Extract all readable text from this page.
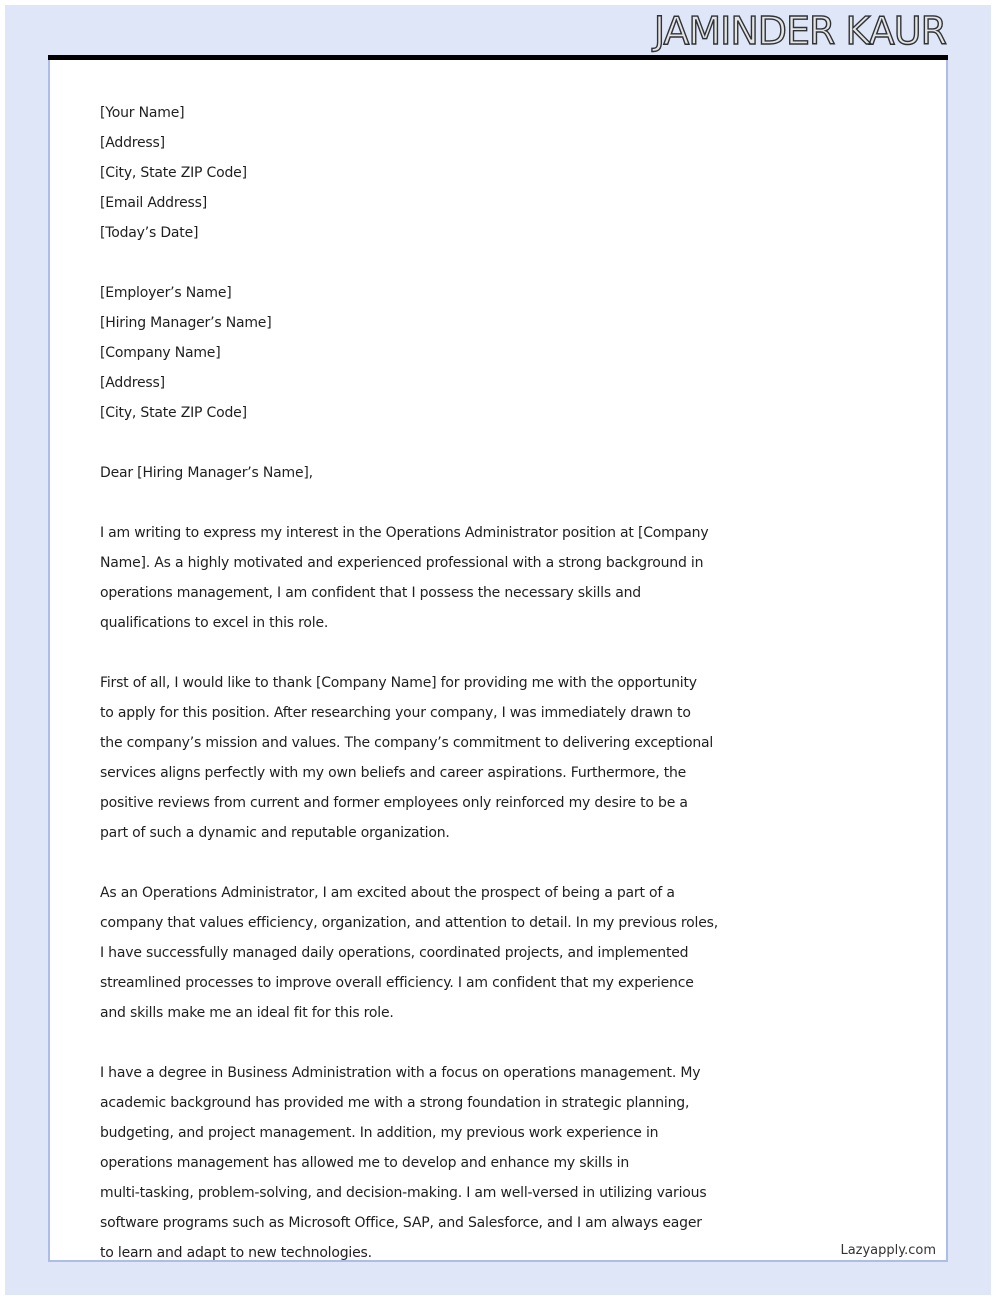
JAMINDER KAUR
[Your Name]
[Address]
[City, State ZIP Code]
[Email Address]
[Today’s Date]
[Employer’s Name]
[Hiring Manager’s Name]
[Company Name]
[Address]
[City, State ZIP Code]

Dear [Hiring Manager’s Name],

I am writing to express my interest in the Operations Administrator position at [Company
Name]. As a highly motivated and experienced professional with a strong background in
operations management, I am confident that I possess the necessary skills and
qualifications to excel in this role.

First of all, I would like to thank [Company Name] for providing me with the opportunity
to apply for this position. After researching your company, I was immediately drawn to
the company’s mission and values. The company’s commitment to delivering exceptional
services aligns perfectly with my own beliefs and career aspirations. Furthermore, the
positive reviews from current and former employees only reinforced my desire to be a
part of such a dynamic and reputable organization.

As an Operations Administrator, I am excited about the prospect of being a part of a
company that values efficiency, organization, and attention to detail. In my previous roles,
I have successfully managed daily operations, coordinated projects, and implemented
streamlined processes to improve overall efficiency. I am confident that my experience
and skills make me an ideal fit for this role.

I have a degree in Business Administration with a focus on operations management. My
academic background has provided me with a strong foundation in strategic planning,
budgeting, and project management. In addition, my previous work experience in
operations management has allowed me to develop and enhance my skills in
multi-tasking, problem-solving, and decision-making. I am well-versed in utilizing various
software programs such as Microsoft Office, SAP, and Salesforce, and I am always eager
to learn and adapt to new technologies.	Lazyapply.com
